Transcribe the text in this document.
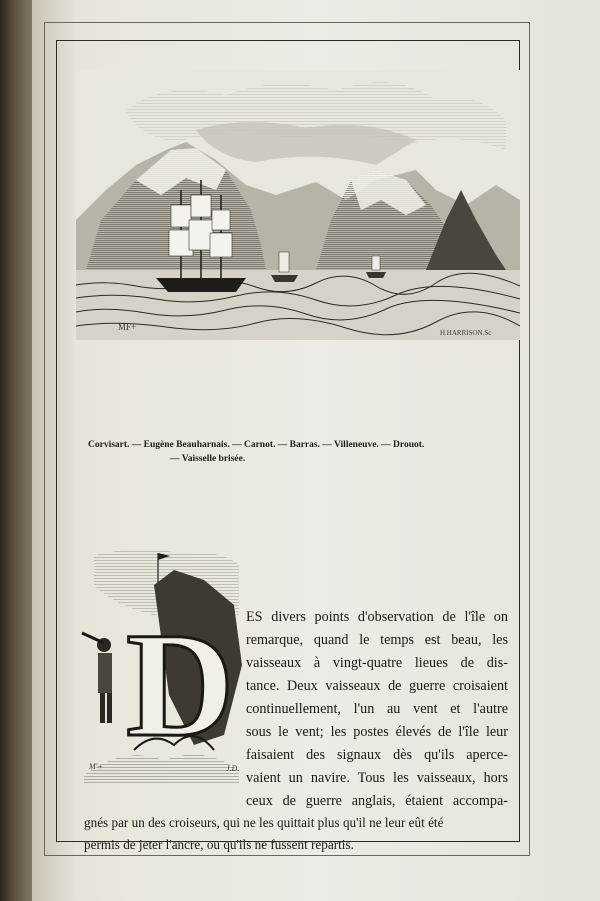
MF+
H.HARRISON.Sc
Corvisart. — Eugène Beauharnais. — Carnot. — Barras. — Villeneuve. — Drouot.
— Vaisselle brisée.
D
M'+	J.D.
ES divers points d'observation de l'île on
remarque, quand le temps est beau, les
vaisseaux à vingt-quatre lieues de dis-
tance. Deux vaisseaux de guerre croisaient
continuellement, l'un au vent et l'autre
sous le vent; les postes élevés de l'île leur
faisaient des signaux dès qu'ils aperce-
vaient un navire. Tous les vaisseaux, hors
ceux de guerre anglais, étaient accompa-
gnés par un des croiseurs, qui ne les quittait plus qu'il ne leur eût été
permis de jeter l'ancre, ou qu'ils ne fussent repartis.
